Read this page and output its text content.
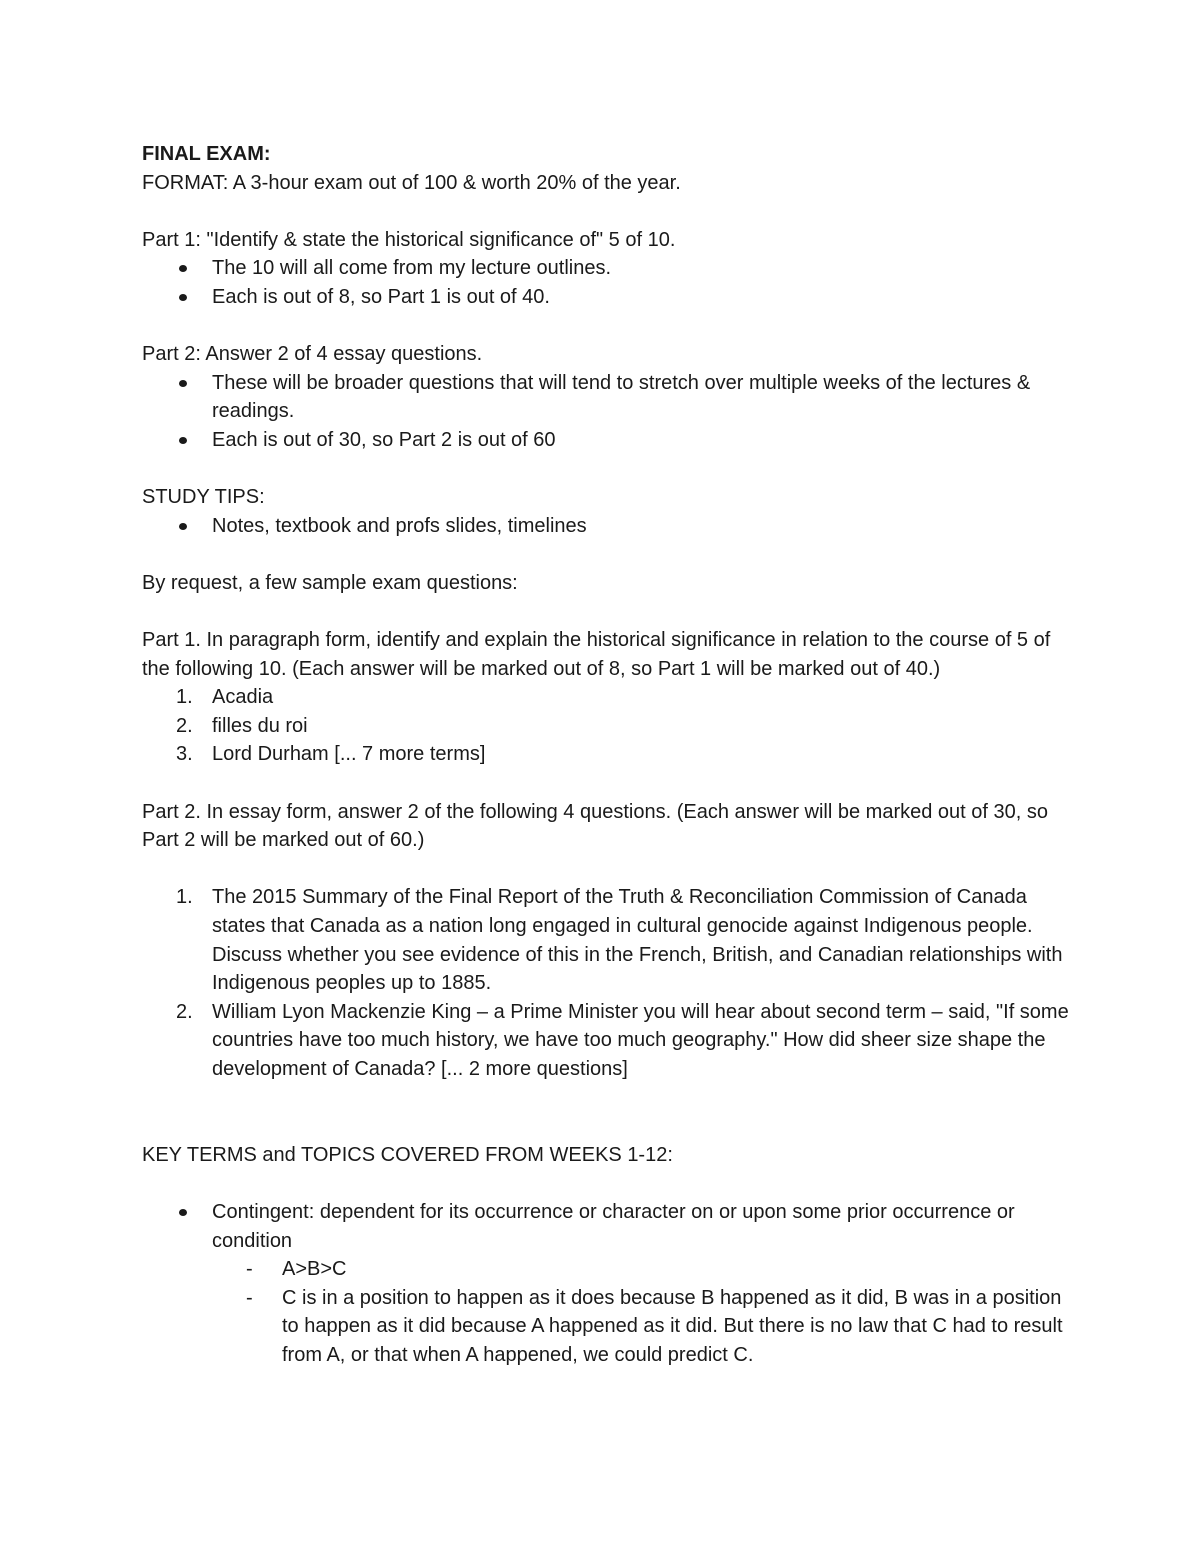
FINAL EXAM:

FORMAT: A 3-hour exam out of 100 & worth 20% of the year.

Part 1: "Identify & state the historical significance of" 5 of 10.

The 10 will all come from my lecture outlines.
Each is out of 8, so Part 1 is out of 40.

Part 2: Answer 2 of 4 essay questions.

These will be broader questions that will tend to stretch over multiple weeks of the lectures & readings.
Each is out of 30, so Part 2 is out of 60

STUDY TIPS:

Notes, textbook and profs slides, timelines

By request, a few sample exam questions:

Part 1. In paragraph form, identify and explain the historical significance in relation to the course of 5 of the following 10. (Each answer will be marked out of 8, so Part 1 will be marked out of 40.)

1. Acadia
2. filles du roi
3. Lord Durham [... 7 more terms]

Part 2. In essay form, answer 2 of the following 4 questions. (Each answer will be marked out of 30, so Part 2 will be marked out of 60.)

1. The 2015 Summary of the Final Report of the Truth & Reconciliation Commission of Canada states that Canada as a nation long engaged in cultural genocide against Indigenous people. Discuss whether you see evidence of this in the French, British, and Canadian relationships with Indigenous peoples up to 1885.
2. William Lyon Mackenzie King – a Prime Minister you will hear about second term – said, "If some countries have too much history, we have too much geography." How did sheer size shape the development of Canada? [... 2 more questions]

KEY TERMS and TOPICS COVERED FROM WEEKS 1-12:

Contingent: dependent for its occurrence or character on or upon some prior occurrence or condition
- A>B>C
- C is in a position to happen as it does because B happened as it did, B was in a position to happen as it did because A happened as it did. But there is no law that C had to result from A, or that when A happened, we could predict C.
